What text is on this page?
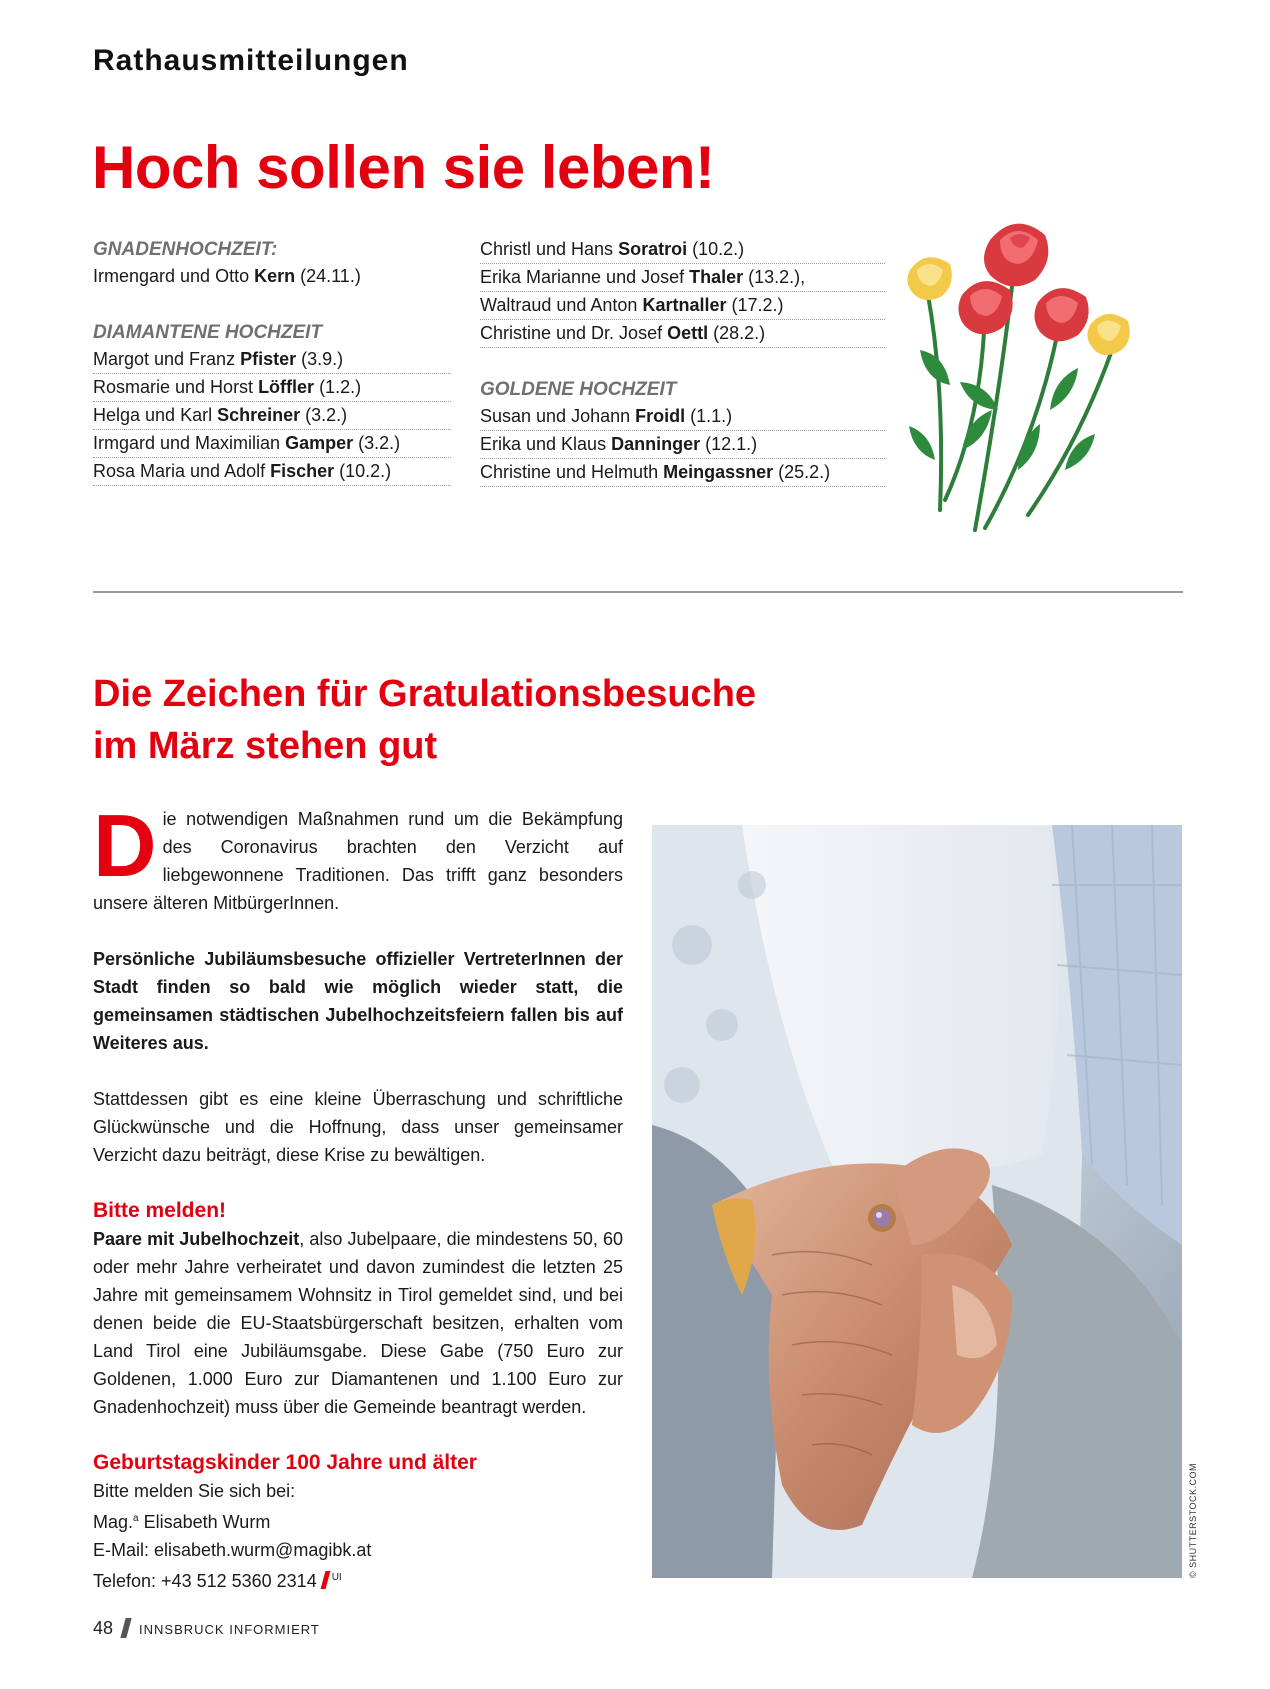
Rathausmitteilungen
Hoch sollen sie leben!
GNADENHOCHZEIT:
Irmengard und Otto Kern (24.11.)
DIAMANTENE HOCHZEIT
Margot und Franz Pfister (3.9.)
Rosmarie und Horst Löffler (1.2.)
Helga und Karl Schreiner (3.2.)
Irmgard und Maximilian Gamper (3.2.)
Rosa Maria und Adolf Fischer (10.2.)
Christl und Hans Soratroi (10.2.)
Erika Marianne und Josef Thaler (13.2.),
Waltraud und Anton Kartnaller (17.2.)
Christine und Dr. Josef Oettl (28.2.)
GOLDENE HOCHZEIT
Susan und Johann Froidl (1.1.)
Erika und Klaus Danninger (12.1.)
Christine und Helmuth Meingassner (25.2.)
Die Zeichen für Gratulationsbesuche
im März stehen gut

Die notwendigen Maßnahmen rund um die Bekämpfung des Coronavirus brachten den Verzicht auf liebgewonnene Traditionen. Das trifft ganz besonders unsere älteren MitbürgerInnen.

Persönliche Jubiläumsbesuche offizieller VertreterInnen der Stadt finden so bald wie möglich wieder statt, die gemeinsamen städtischen Jubelhochzeitsfeiern fallen bis auf Weiteres aus.

Stattdessen gibt es eine kleine Überraschung und schriftliche Glückwünsche und die Hoffnung, dass unser gemeinsamer Verzicht dazu beiträgt, diese Krise zu bewältigen.

Bitte melden!

Paare mit Jubelhochzeit, also Jubelpaare, die mindestens 50, 60 oder mehr Jahre verheiratet und davon zumindest die letzten 25 Jahre mit gemeinsamem Wohnsitz in Tirol gemeldet sind, und bei denen beide die EU-Staatsbürgerschaft besitzen, erhalten vom Land Tirol eine Jubiläumsgabe. Diese Gabe (750 Euro zur Goldenen, 1.000 Euro zur Diamantenen und 1.100 Euro zur Gnadenhochzeit) muss über die Gemeinde beantragt werden.

Geburtstagskinder 100 Jahre und älter
Bitte melden Sie sich bei:
Mag.$^a$ Elisabeth Wurm
E-Mail: elisabeth.wurm@magibk.at
Telefon: +43 512 5360 2314 $^{UI}$	© SHUTTERSTOCK.COM
48 INNSBRUCK INFORMIERT
